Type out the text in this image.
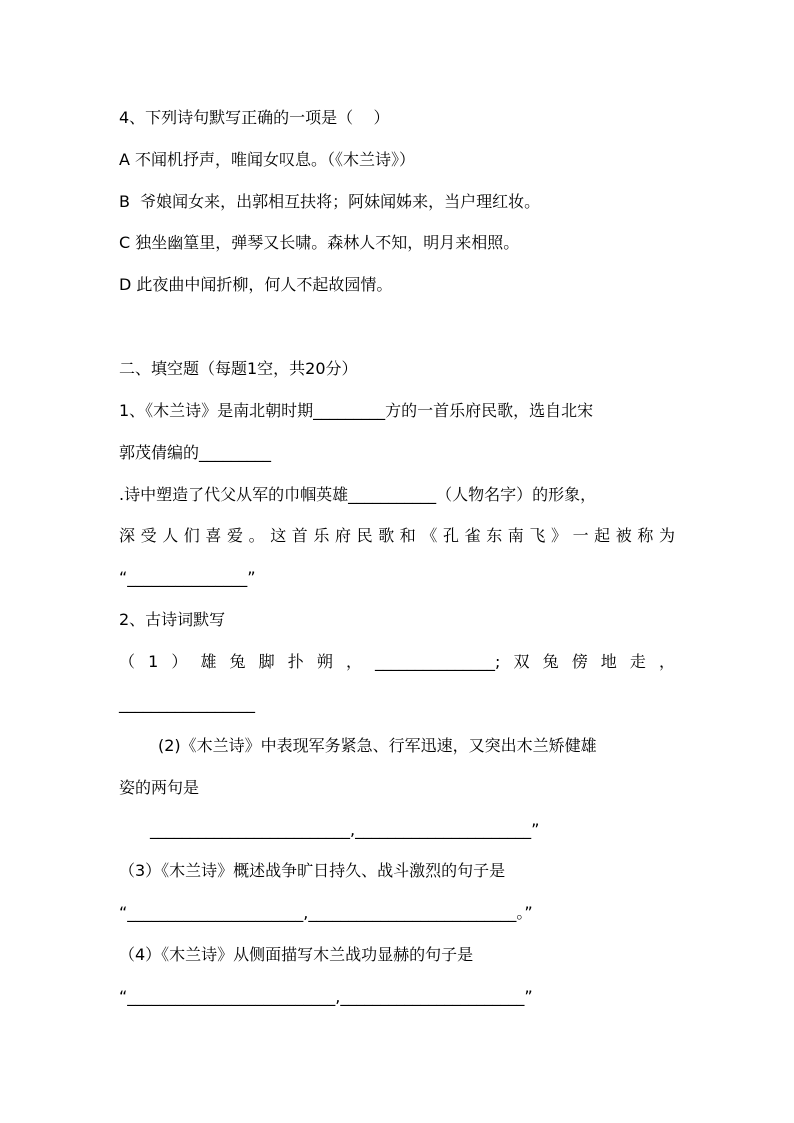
4、下列诗句默写正确的一项是（    ）

A 不闻机抒声，唯闻女叹息。（《木兰诗》）

B  爷娘闻女来，出郭相互扶将；阿妹闻姊来，当户理红妆。

C 独坐幽篁里，弹琴又长啸。森林人不知，明月来相照。

D 此夜曲中闻折柳，何人不起故园情。

二、填空题（每题1空，共20分）

1、《木兰诗》是南北朝时期_________方的一首乐府民歌，选自北宋

郭茂倩编的_________

.诗中塑造了代父从军的巾帼英雄___________（人物名字）的形象，

深受人们喜爱。这首乐府民歌和《孔雀东南飞》一起被称为

“_______________”

2、古诗词默写

（1）雄兔脚扑朔，_______________;双兔傍地走，

_________________

(2)《木兰诗》中表现军务紧急、行军迅速，又突出木兰矫健雄

姿的两句是

_________________________,______________________”

（3）《木兰诗》概述战争旷日持久、战斗激烈的句子是

“______________________,__________________________。”

（4）《木兰诗》从侧面描写木兰战功显赫的句子是

“__________________________,_______________________”
